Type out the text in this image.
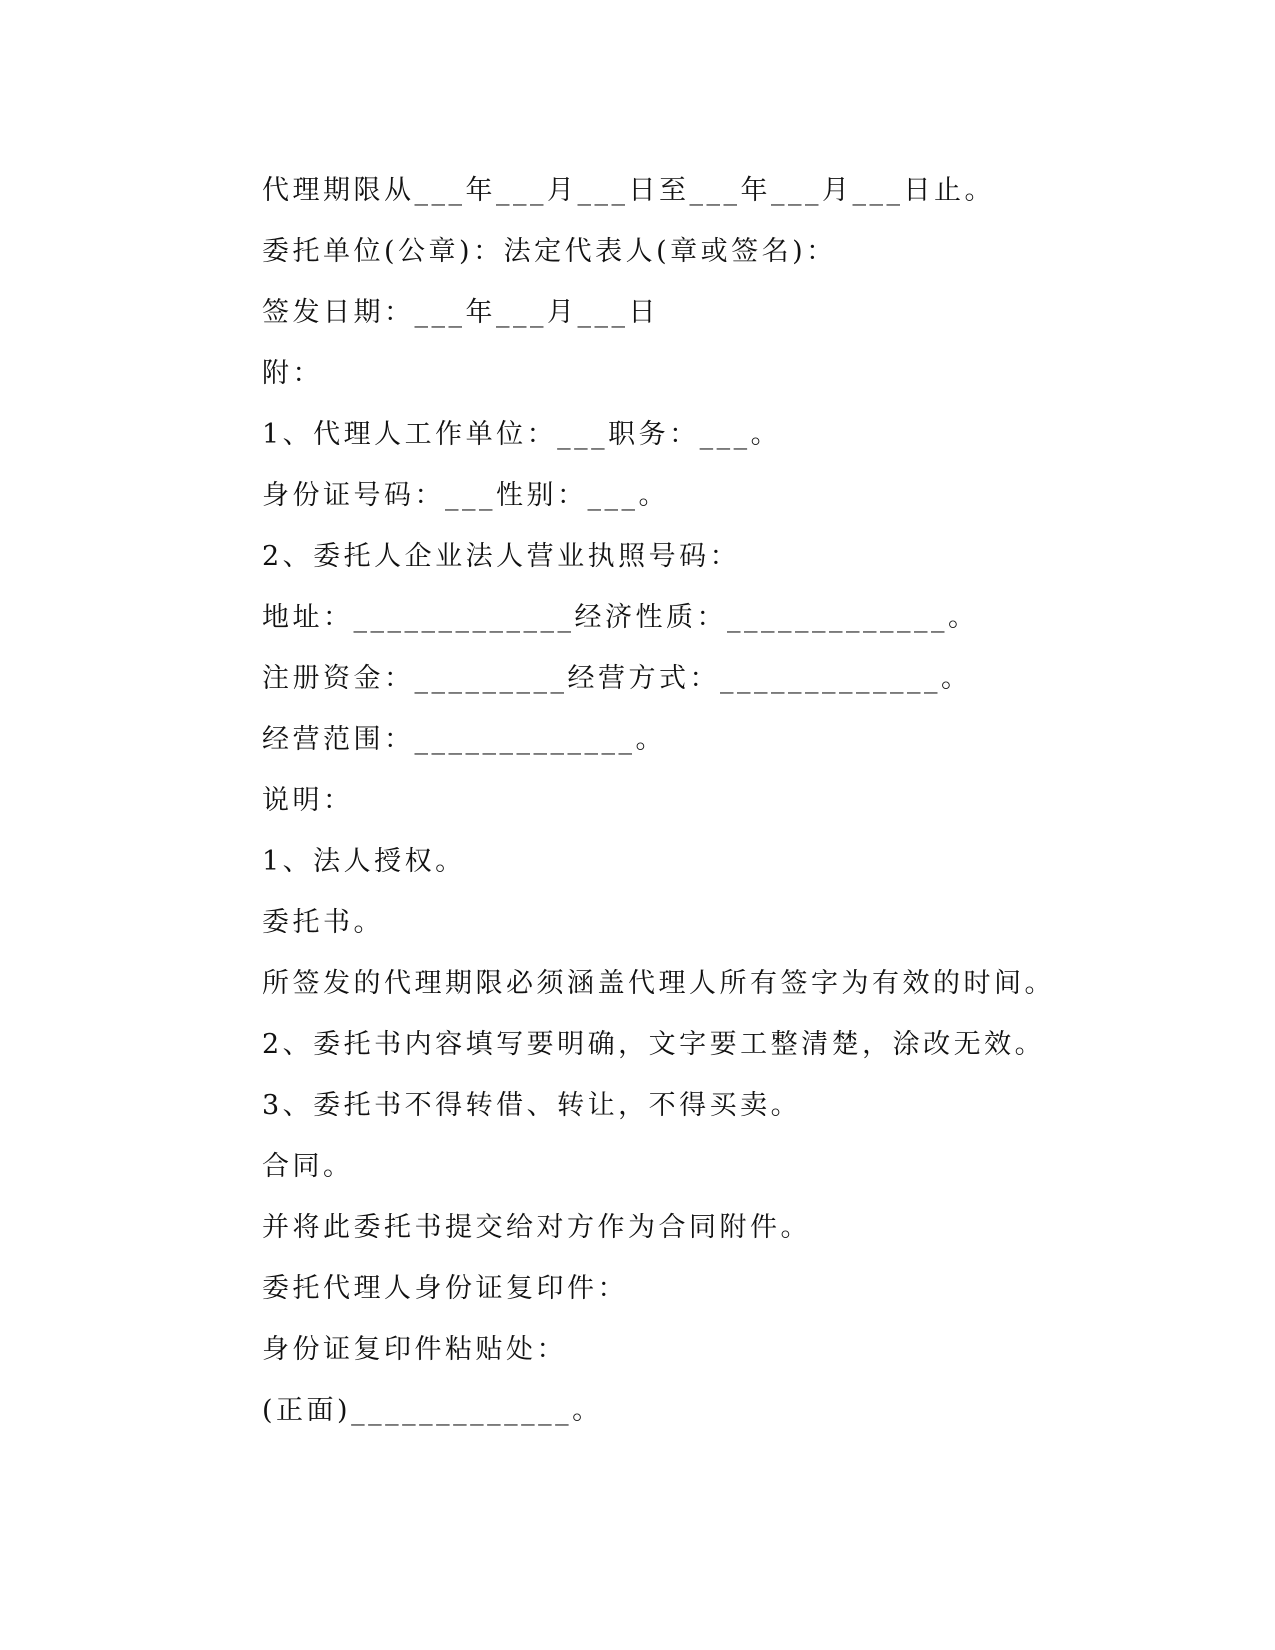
代理期限从___年___月___日至___年___月___日止。
委托单位(公章)：法定代表人(章或签名)：
签发日期：___年___月___日
附：
1、代理人工作单位：___职务：___。
身份证号码：___性别：___。
2、委托人企业法人营业执照号码：
地址：_____________经济性质：_____________。
注册资金：_________经营方式：_____________。
经营范围：_____________。
说明：
1、法人授权。
委托书。
所签发的代理期限必须涵盖代理人所有签字为有效的时间。
2、委托书内容填写要明确，文字要工整清楚，涂改无效。
3、委托书不得转借、转让，不得买卖。
合同。
并将此委托书提交给对方作为合同附件。
委托代理人身份证复印件：
身份证复印件粘贴处：
(正面)_____________。
